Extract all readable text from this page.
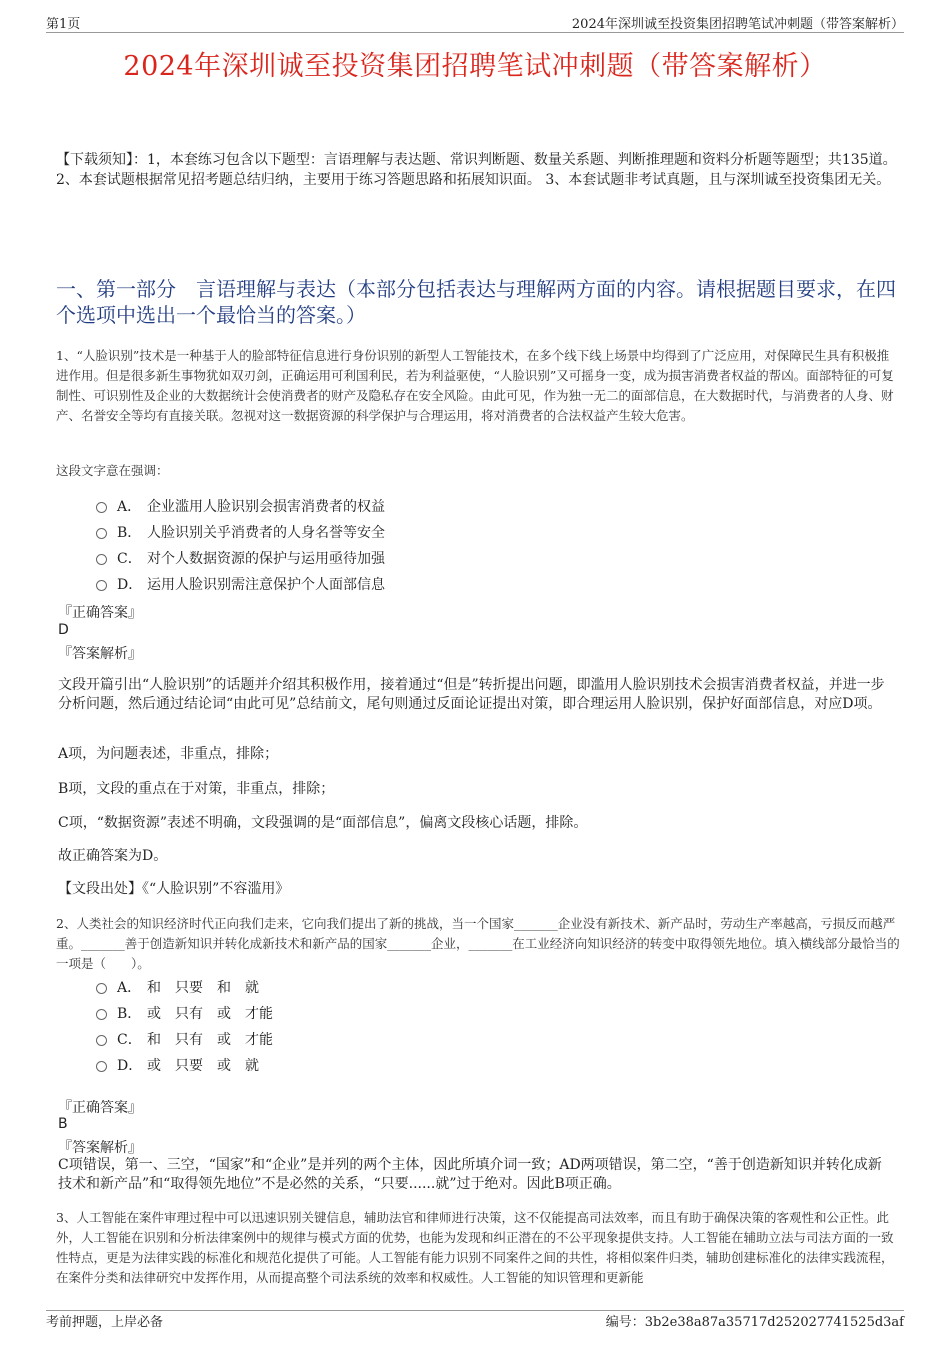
第1页	2024年深圳诚至投资集团招聘笔试冲刺题（带答案解析）
2024年深圳诚至投资集团招聘笔试冲刺题（带答案解析）
【下载须知】：1，本套练习包含以下题型：言语理解与表达题、常识判断题、数量关系题、判断推理题和资料分析题等题型；共135道。 2、本套试题根据常见招考题总结归纳，主要用于练习答题思路和拓展知识面。 3、本套试题非考试真题，且与深圳诚至投资集团无关。
一、第一部分　言语理解与表达（本部分包括表达与理解两方面的内容。请根据题目要求，在四个选项中选出一个最恰当的答案。）
1、“人脸识别”技术是一种基于人的脸部特征信息进行身份识别的新型人工智能技术，在多个线下线上场景中均得到了广泛应用，对保障民生具有积极推进作用。但是很多新生事物犹如双刃剑，正确运用可利国利民，若为利益驱使，“人脸识别”又可摇身一变，成为损害消费者权益的帮凶。面部特征的可复制性、可识别性及企业的大数据统计会使消费者的财产及隐私存在安全风险。由此可见，作为独一无二的面部信息，在大数据时代，与消费者的人身、财产、名誉安全等均有直接关联。忽视对这一数据资源的科学保护与合理运用，将对消费者的合法权益产生较大危害。
这段文字意在强调：
A． 企业滥用人脸识别会损害消费者的权益
B． 人脸识别关乎消费者的人身名誉等安全
C． 对个人数据资源的保护与运用亟待加强
D． 运用人脸识别需注意保护个人面部信息
『正确答案』
D
『答案解析』
文段开篇引出“人脸识别”的话题并介绍其积极作用，接着通过“但是”转折提出问题，即滥用人脸识别技术会损害消费者权益，并进一步分析问题，然后通过结论词“由此可见”总结前文，尾句则通过反面论证提出对策，即合理运用人脸识别，保护好面部信息，对应D项。
A项，为问题表述，非重点，排除；
B项，文段的重点在于对策，非重点，排除；
C项，“数据资源”表述不明确，文段强调的是“面部信息”，偏离文段核心话题，排除。
故正确答案为D。
【文段出处】《“人脸识别”不容滥用》
2、人类社会的知识经济时代正向我们走来，它向我们提出了新的挑战，当一个国家_______企业没有新技术、新产品时，劳动生产率越高，亏损反而越严重。_______善于创造新知识并转化成新技术和新产品的国家_______企业，_______在工业经济向知识经济的转变中取得领先地位。填入横线部分最恰当的一项是（　　）。
A． 和　只要　和　就
B． 或　只有　或　才能
C． 和　只有　或　才能
D． 或　只要　或　就
『正确答案』
B
『答案解析』
C项错误，第一、三空，“国家”和“企业”是并列的两个主体，因此所填介词一致；AD两项错误，第二空，“善于创造新知识并转化成新技术和新产品”和“取得领先地位”不是必然的关系，“只要......就”过于绝对。因此B项正确。
3、人工智能在案件审理过程中可以迅速识别关键信息，辅助法官和律师进行决策，这不仅能提高司法效率，而且有助于确保决策的客观性和公正性。此外，人工智能在识别和分析法律案例中的规律与模式方面的优势，也能为发现和纠正潜在的不公平现象提供支持。人工智能在辅助立法与司法方面的一致性特点，更是为法律实践的标准化和规范化提供了可能。人工智能有能力识别不同案件之间的共性，将相似案件归类，辅助创建标准化的法律实践流程，在案件分类和法律研究中发挥作用，从而提高整个司法系统的效率和权威性。人工智能的知识管理和更新能
考前押题，上岸必备	编号：3b2e38a87a35717d252027741525d3af
